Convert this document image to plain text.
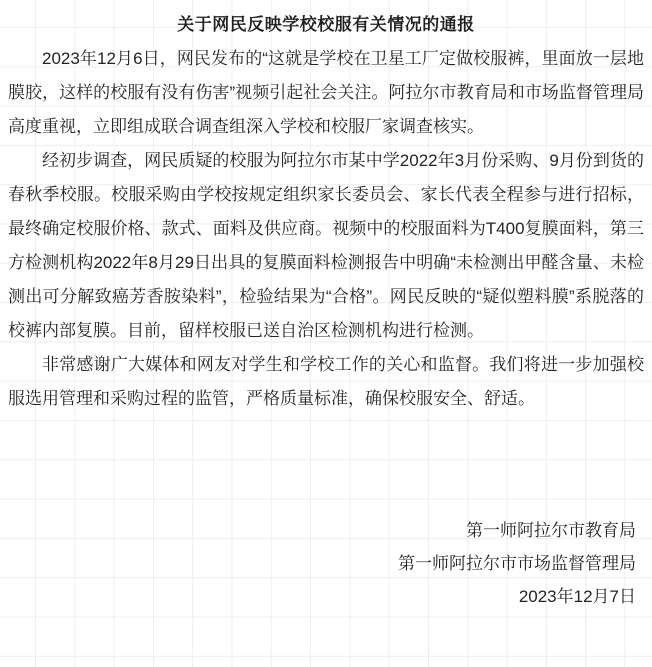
关于网民反映学校校服有关情况的通报

2023年12月6日，网民发布的“这就是学校在卫星工厂定做校服裤，里面放一层地膜胶，这样的校服有没有伤害”视频引起社会关注。阿拉尔市教育局和市场监督管理局高度重视，立即组成联合调查组深入学校和校服厂家调查核实。

经初步调查，网民质疑的校服为阿拉尔市某中学2022年3月份采购、9月份到货的春秋季校服。校服采购由学校按规定组织家长委员会、家长代表全程参与进行招标，最终确定校服价格、款式、面料及供应商。视频中的校服面料为T400复膜面料，第三方检测机构2022年8月29日出具的复膜面料检测报告中明确“未检测出甲醛含量、未检测出可分解致癌芳香胺染料”，检验结果为“合格”。网民反映的“疑似塑料膜”系脱落的校裤内部复膜。目前，留样校服已送自治区检测机构进行检测。

非常感谢广大媒体和网友对学生和学校工作的关心和监督。我们将进一步加强校服选用管理和采购过程的监管，严格质量标准，确保校服安全、舒适。

第一师阿拉尔市教育局
第一师阿拉尔市市场监督管理局
2023年12月7日
